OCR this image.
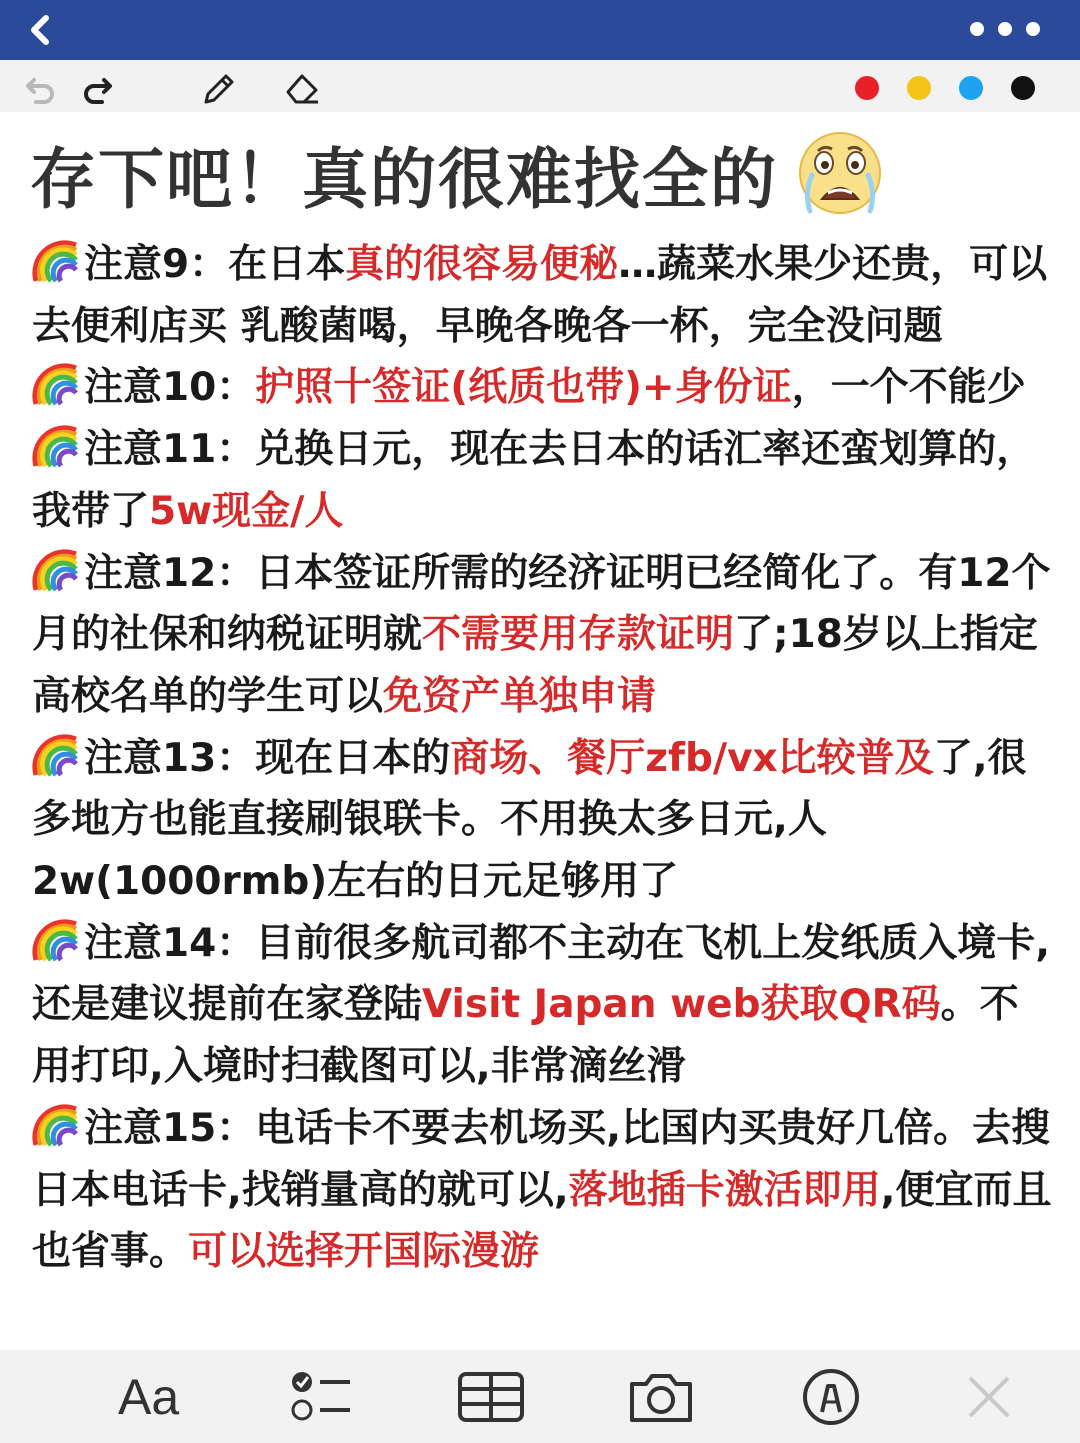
存下吧！真的很难找全的

注意9：在日本真的很容易便秘…蔬菜水果少还贵，可以去便利店买 乳酸菌喝，早晚各晚各一杯，完全没问题

注意10：护照十签证(纸质也带)+身份证，一个不能少

注意11：兑换日元，现在去日本的话汇率还蛮划算的，我带了5w现金/人

注意12：日本签证所需的经济证明已经简化了。有12个月的社保和纳税证明就不需要用存款证明了;18岁以上指定高校名单的学生可以免资产单独申请

注意13：现在日本的商场、餐厅zfb/vx比较普及了,很多地方也能直接刷银联卡。不用换太多日元,人2w(1000rmb)左右的日元足够用了

注意14：目前很多航司都不主动在飞机上发纸质入境卡,还是建议提前在家登陆Visit Japan web获取QR码。不用打印,入境时扫截图可以,非常滴丝滑

注意15：电话卡不要去机场买,比国内买贵好几倍。去搜日本电话卡,找销量高的就可以,落地插卡激活即用,便宜而且也省事。可以选择开国际漫游

Aa
